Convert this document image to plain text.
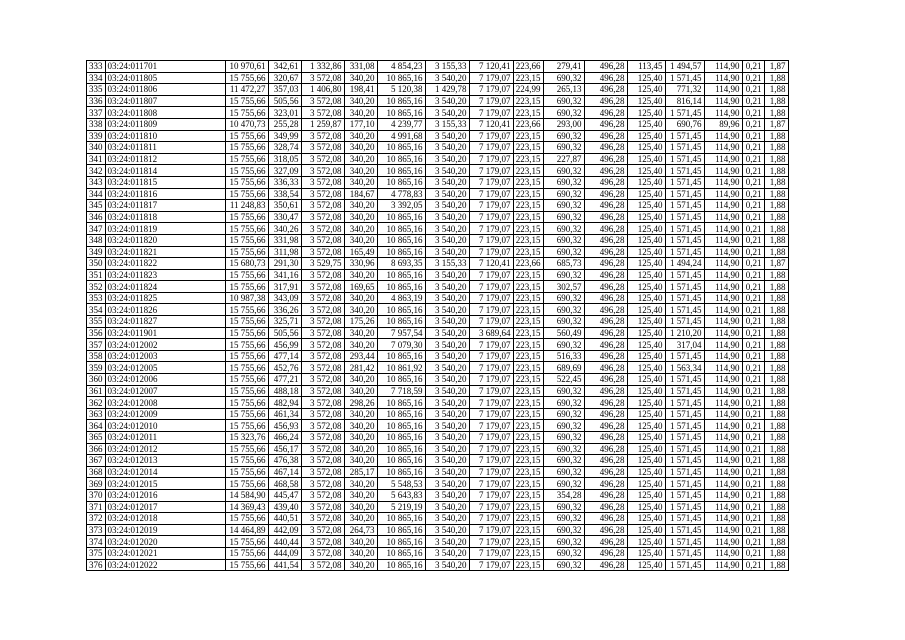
333	03:24:011701	10 970,61	342,61	1 332,86	331,08	4 854,23	3 155,33	7 120,41	223,66	279,41	496,28	113,45	1 494,57	114,90	0,21	1,87
334	03:24:011805	15 755,66	320,67	3 572,08	340,20	10 865,16	3 540,20	7 179,07	223,15	690,32	496,28	125,40	1 571,45	114,90	0,21	1,88
335	03:24:011806	11 472,27	357,03	1 406,80	198,41	5 120,38	1 429,78	7 179,07	224,99	265,13	496,28	125,40	771,32	114,90	0,21	1,88
336	03:24:011807	15 755,66	505,56	3 572,08	340,20	10 865,16	3 540,20	7 179,07	223,15	690,32	496,28	125,40	816,14	114,90	0,21	1,88
337	03:24:011808	15 755,66	323,01	3 572,08	340,20	10 865,16	3 540,20	7 179,07	223,15	690,32	496,28	125,40	1 571,45	114,90	0,21	1,88
338	03:24:011809	10 470,73	255,28	1 259,87	177,10	4 239,77	3 155,33	7 120,41	223,66	293,00	496,28	125,40	690,76	89,96	0,21	1,87
339	03:24:011810	15 755,66	349,99	3 572,08	340,20	4 991,68	3 540,20	7 179,07	223,15	690,32	496,28	125,40	1 571,45	114,90	0,21	1,88
340	03:24:011811	15 755,66	328,74	3 572,08	340,20	10 865,16	3 540,20	7 179,07	223,15	690,32	496,28	125,40	1 571,45	114,90	0,21	1,88
341	03:24:011812	15 755,66	318,05	3 572,08	340,20	10 865,16	3 540,20	7 179,07	223,15	227,87	496,28	125,40	1 571,45	114,90	0,21	1,88
342	03:24:011814	15 755,66	327,09	3 572,08	340,20	10 865,16	3 540,20	7 179,07	223,15	690,32	496,28	125,40	1 571,45	114,90	0,21	1,88
343	03:24:011815	15 755,66	336,33	3 572,08	340,20	10 865,16	3 540,20	7 179,07	223,15	690,32	496,28	125,40	1 571,45	114,90	0,21	1,88
344	03:24:011816	15 755,66	338,54	3 572,08	184,67	4 778,83	3 540,20	7 179,07	223,15	690,32	496,28	125,40	1 571,45	114,90	0,21	1,88
345	03:24:011817	11 248,83	350,61	3 572,08	340,20	3 392,05	3 540,20	7 179,07	223,15	690,32	496,28	125,40	1 571,45	114,90	0,21	1,88
346	03:24:011818	15 755,66	330,47	3 572,08	340,20	10 865,16	3 540,20	7 179,07	223,15	690,32	496,28	125,40	1 571,45	114,90	0,21	1,88
347	03:24:011819	15 755,66	340,26	3 572,08	340,20	10 865,16	3 540,20	7 179,07	223,15	690,32	496,28	125,40	1 571,45	114,90	0,21	1,88
348	03:24:011820	15 755,66	331,98	3 572,08	340,20	10 865,16	3 540,20	7 179,07	223,15	690,32	496,28	125,40	1 571,45	114,90	0,21	1,88
349	03:24:011821	15 755,66	311,98	3 572,08	165,49	10 865,16	3 540,20	7 179,07	223,15	690,32	496,28	125,40	1 571,45	114,90	0,21	1,88
350	03:24:011822	15 680,73	291,30	3 529,75	330,96	8 693,35	3 155,33	7 120,41	223,66	685,73	496,28	125,40	1 494,24	114,90	0,21	1,87
351	03:24:011823	15 755,66	341,16	3 572,08	340,20	10 865,16	3 540,20	7 179,07	223,15	690,32	496,28	125,40	1 571,45	114,90	0,21	1,88
352	03:24:011824	15 755,66	317,91	3 572,08	169,65	10 865,16	3 540,20	7 179,07	223,15	302,57	496,28	125,40	1 571,45	114,90	0,21	1,88
353	03:24:011825	10 987,38	343,09	3 572,08	340,20	4 863,19	3 540,20	7 179,07	223,15	690,32	496,28	125,40	1 571,45	114,90	0,21	1,88
354	03:24:011826	15 755,66	336,26	3 572,08	340,20	10 865,16	3 540,20	7 179,07	223,15	690,32	496,28	125,40	1 571,45	114,90	0,21	1,88
355	03:24:011827	15 755,66	325,71	3 572,08	175,26	10 865,16	3 540,20	7 179,07	223,15	690,32	496,28	125,40	1 571,45	114,90	0,21	1,88
356	03:24:011901	15 755,66	505,56	3 572,08	340,20	7 957,54	3 540,20	3 689,64	223,15	560,49	496,28	125,40	1 210,20	114,90	0,21	1,88
357	03:24:012002	15 755,66	456,99	3 572,08	340,20	7 079,30	3 540,20	7 179,07	223,15	690,32	496,28	125,40	317,04	114,90	0,21	1,88
358	03:24:012003	15 755,66	477,14	3 572,08	293,44	10 865,16	3 540,20	7 179,07	223,15	516,33	496,28	125,40	1 571,45	114,90	0,21	1,88
359	03:24:012005	15 755,66	452,76	3 572,08	281,42	10 861,92	3 540,20	7 179,07	223,15	689,69	496,28	125,40	1 563,34	114,90	0,21	1,88
360	03:24:012006	15 755,66	477,21	3 572,08	340,20	10 865,16	3 540,20	7 179,07	223,15	522,45	496,28	125,40	1 571,45	114,90	0,21	1,88
361	03:24:012007	15 755,66	488,18	3 572,08	340,20	7 718,59	3 540,20	7 179,07	223,15	690,32	496,28	125,40	1 571,45	114,90	0,21	1,88
362	03:24:012008	15 755,66	482,94	3 572,08	298,26	10 865,16	3 540,20	7 179,07	223,15	690,32	496,28	125,40	1 571,45	114,90	0,21	1,88
363	03:24:012009	15 755,66	461,34	3 572,08	340,20	10 865,16	3 540,20	7 179,07	223,15	690,32	496,28	125,40	1 571,45	114,90	0,21	1,88
364	03:24:012010	15 755,66	456,93	3 572,08	340,20	10 865,16	3 540,20	7 179,07	223,15	690,32	496,28	125,40	1 571,45	114,90	0,21	1,88
365	03:24:012011	15 323,76	466,24	3 572,08	340,20	10 865,16	3 540,20	7 179,07	223,15	690,32	496,28	125,40	1 571,45	114,90	0,21	1,88
366	03:24:012012	15 755,66	456,17	3 572,08	340,20	10 865,16	3 540,20	7 179,07	223,15	690,32	496,28	125,40	1 571,45	114,90	0,21	1,88
367	03:24:012013	15 755,66	476,38	3 572,08	340,20	10 865,16	3 540,20	7 179,07	223,15	690,32	496,28	125,40	1 571,45	114,90	0,21	1,88
368	03:24:012014	15 755,66	467,14	3 572,08	285,17	10 865,16	3 540,20	7 179,07	223,15	690,32	496,28	125,40	1 571,45	114,90	0,21	1,88
369	03:24:012015	15 755,66	468,58	3 572,08	340,20	5 548,53	3 540,20	7 179,07	223,15	690,32	496,28	125,40	1 571,45	114,90	0,21	1,88
370	03:24:012016	14 584,90	445,47	3 572,08	340,20	5 643,83	3 540,20	7 179,07	223,15	354,28	496,28	125,40	1 571,45	114,90	0,21	1,88
371	03:24:012017	14 369,43	439,40	3 572,08	340,20	5 219,19	3 540,20	7 179,07	223,15	690,32	496,28	125,40	1 571,45	114,90	0,21	1,88
372	03:24:012018	15 755,66	440,51	3 572,08	340,20	10 865,16	3 540,20	7 179,07	223,15	690,32	496,28	125,40	1 571,45	114,90	0,21	1,88
373	03:24:012019	14 464,89	442,09	3 572,08	264,73	10 865,16	3 540,20	7 179,07	223,15	690,32	496,28	125,40	1 571,45	114,90	0,21	1,88
374	03:24:012020	15 755,66	440,44	3 572,08	340,20	10 865,16	3 540,20	7 179,07	223,15	690,32	496,28	125,40	1 571,45	114,90	0,21	1,88
375	03:24:012021	15 755,66	444,09	3 572,08	340,20	10 865,16	3 540,20	7 179,07	223,15	690,32	496,28	125,40	1 571,45	114,90	0,21	1,88
376	03:24:012022	15 755,66	441,54	3 572,08	340,20	10 865,16	3 540,20	7 179,07	223,15	690,32	496,28	125,40	1 571,45	114,90	0,21	1,88
